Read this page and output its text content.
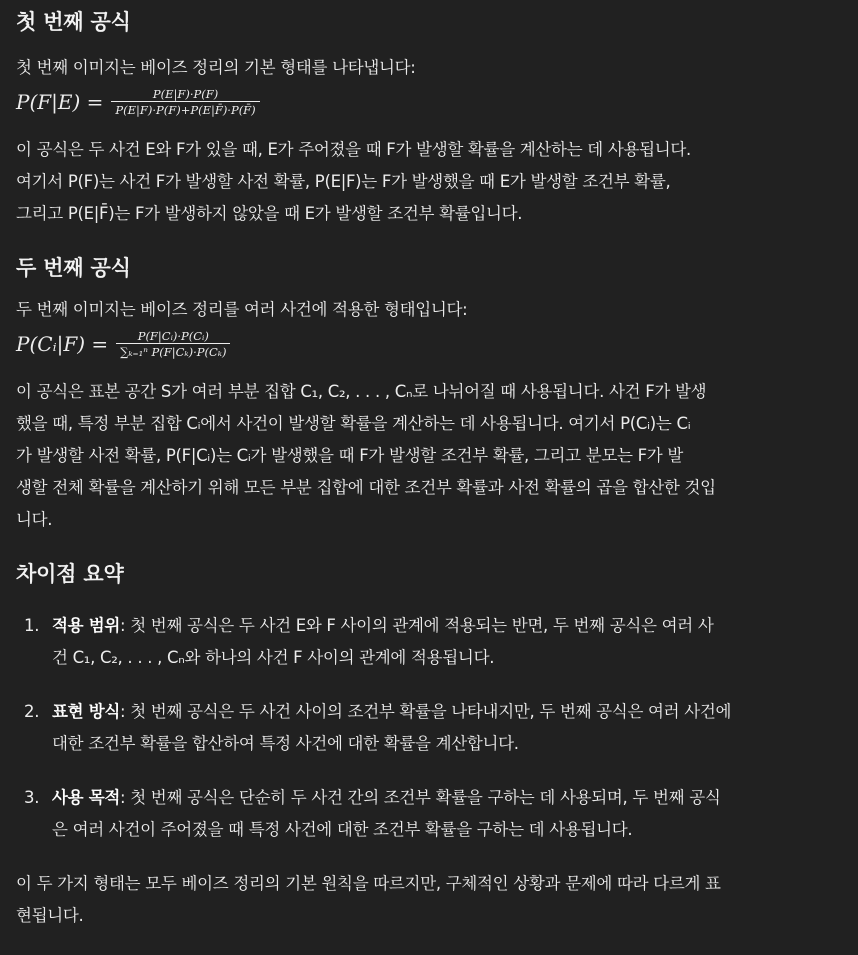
첫 번째 공식

첫 번째 이미지는 베이즈 정리의 기본 형태를 나타냅니다:

$P(F|E) = \frac{P(E|F)\cdot P(F)}{P(E|F)\cdot P(F)+P(E|F̄)\cdot P(F̄)}$

이 공식은 두 사건 E와 F가 있을 때, E가 주어졌을 때 F가 발생할 확률을 계산하는 데 사용됩니다.

여기서 P(F)는 사건 F가 발생할 사전 확률, P(E|F)는 F가 발생했을 때 E가 발생할 조건부 확률,

그리고 P(E|F̄)는 F가 발생하지 않았을 때 E가 발생할 조건부 확률입니다.

두 번째 공식

두 번째 이미지는 베이즈 정리를 여러 사건에 적용한 형태입니다:

P(Cᵢ|F) = $\frac{\text{P(F|Cᵢ)·P(Cᵢ)}}{\text{∑ₖ₌₁ⁿ P(F|Cₖ)·P(Cₖ)}}$

이 공식은 표본 공간 S가 여러 부분 집합 C₁, C₂, . . . , Cₙ로 나뉘어질 때 사용됩니다. 사건 F가 발생

했을 때, 특정 부분 집합 Cᵢ에서 사건이 발생할 확률을 계산하는 데 사용됩니다. 여기서 P(Cᵢ)는 Cᵢ

가 발생할 사전 확률, P(F|Cᵢ)는 Cᵢ가 발생했을 때 F가 발생할 조건부 확률, 그리고 분모는 F가 발

생할 전체 확률을 계산하기 위해 모든 부분 집합에 대한 조건부 확률과 사전 확률의 곱을 합산한 것입

니다.

차이점 요약
1. 적용 범위: 첫 번째 공식은 두 사건 E와 F 사이의 관계에 적용되는 반면, 두 번째 공식은 여러 사
건 C₁, C₂, . . . , Cₙ와 하나의 사건 F 사이의 관계에 적용됩니다.
2. 표현 방식: 첫 번째 공식은 두 사건 사이의 조건부 확률을 나타내지만, 두 번째 공식은 여러 사건에
대한 조건부 확률을 합산하여 특정 사건에 대한 확률을 계산합니다.
3. 사용 목적: 첫 번째 공식은 단순히 두 사건 간의 조건부 확률을 구하는 데 사용되며, 두 번째 공식
은 여러 사건이 주어졌을 때 특정 사건에 대한 조건부 확률을 구하는 데 사용됩니다.

이 두 가지 형태는 모두 베이즈 정리의 기본 원칙을 따르지만, 구체적인 상황과 문제에 따라 다르게 표

현됩니다.
